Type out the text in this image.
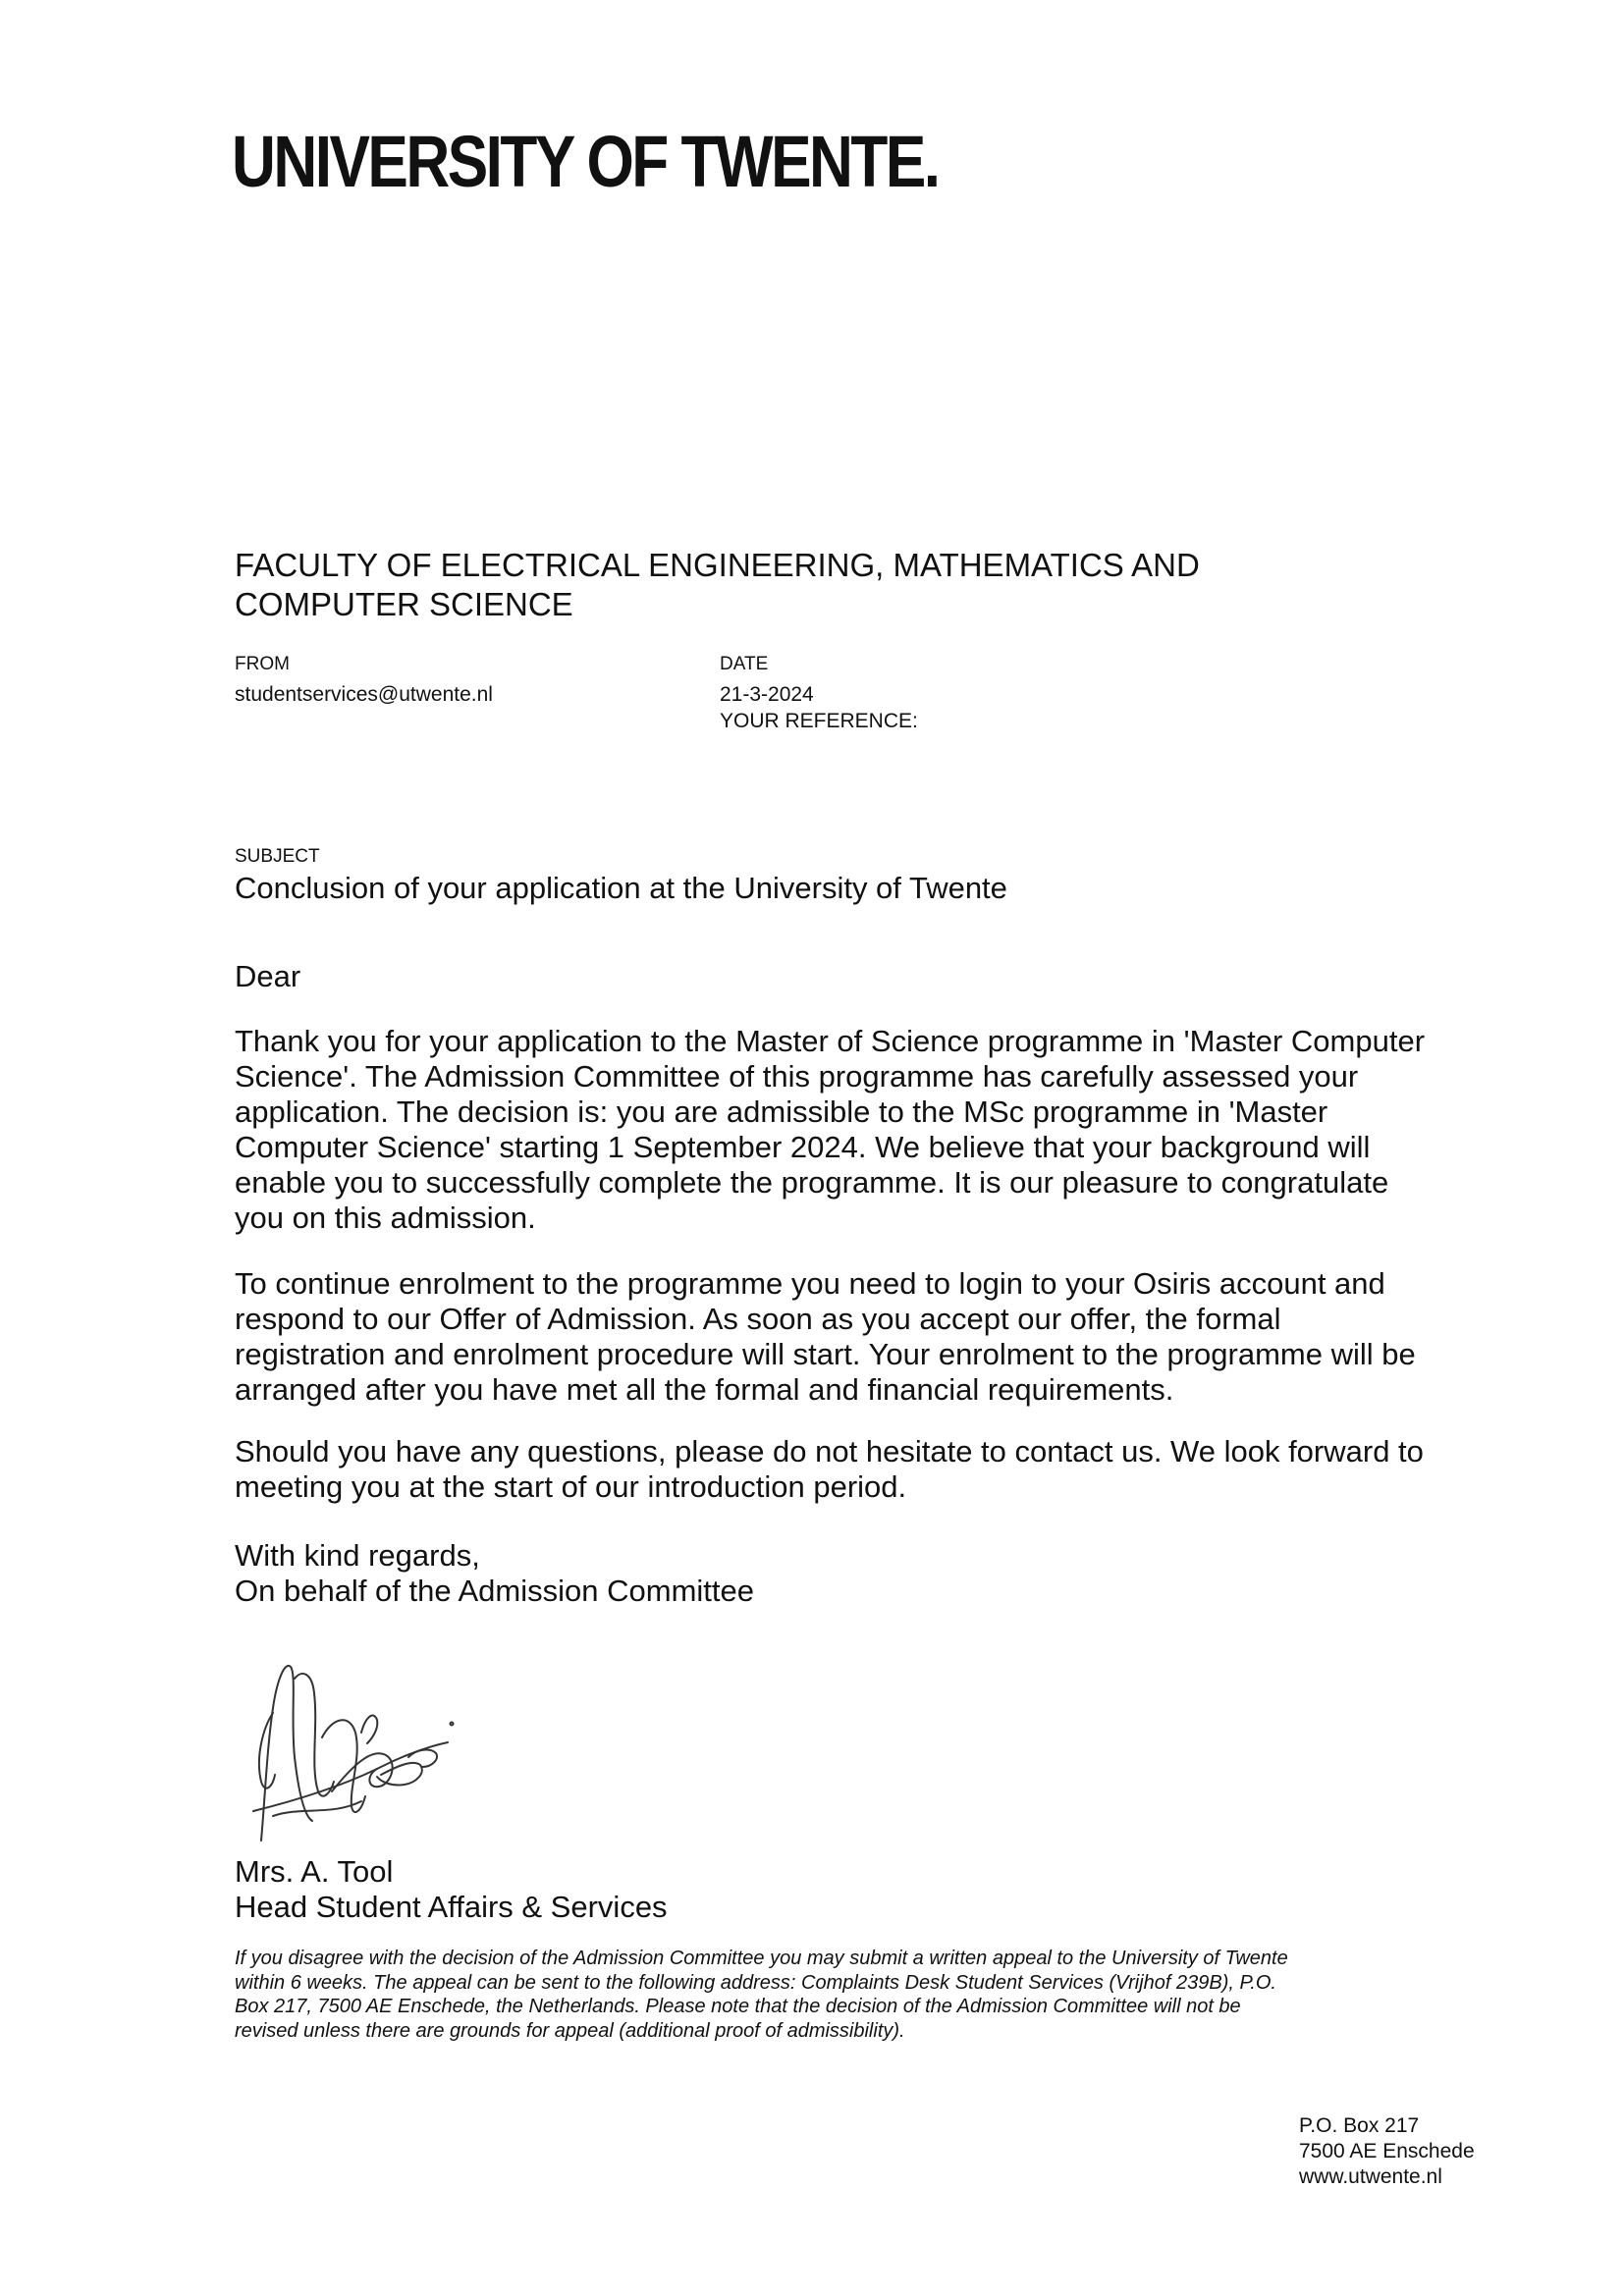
UNIVERSITY OF TWENTE.
FACULTY OF ELECTRICAL ENGINEERING, MATHEMATICS AND
COMPUTER SCIENCE
FROM
studentservices@utwente.nl
DATE
21-3-2024
YOUR REFERENCE:
SUBJECT
Conclusion of your application at the University of Twente
Dear
Thank you for your application to the Master of Science programme in 'Master Computer
Science'. The Admission Committee of this programme has carefully assessed your
application. The decision is: you are admissible to the MSc programme in 'Master
Computer Science' starting 1 September 2024. We believe that your background will
enable you to successfully complete the programme. It is our pleasure to congratulate
you on this admission.
To continue enrolment to the programme you need to login to your Osiris account and
respond to our Offer of Admission. As soon as you accept our offer, the formal
registration and enrolment procedure will start. Your enrolment to the programme will be
arranged after you have met all the formal and financial requirements.
Should you have any questions, please do not hesitate to contact us. We look forward to
meeting you at the start of our introduction period.
With kind regards,
On behalf of the Admission Committee
Mrs. A. Tool
Head Student Affairs & Services
If you disagree with the decision of the Admission Committee you may submit a written appeal to the University of Twente
within 6 weeks. The appeal can be sent to the following address: Complaints Desk Student Services (Vrijhof 239B), P.O.
Box 217, 7500 AE Enschede, the Netherlands. Please note that the decision of the Admission Committee will not be
revised unless there are grounds for appeal (additional proof of admissibility).
P.O. Box 217
7500 AE Enschede
www.utwente.nl
